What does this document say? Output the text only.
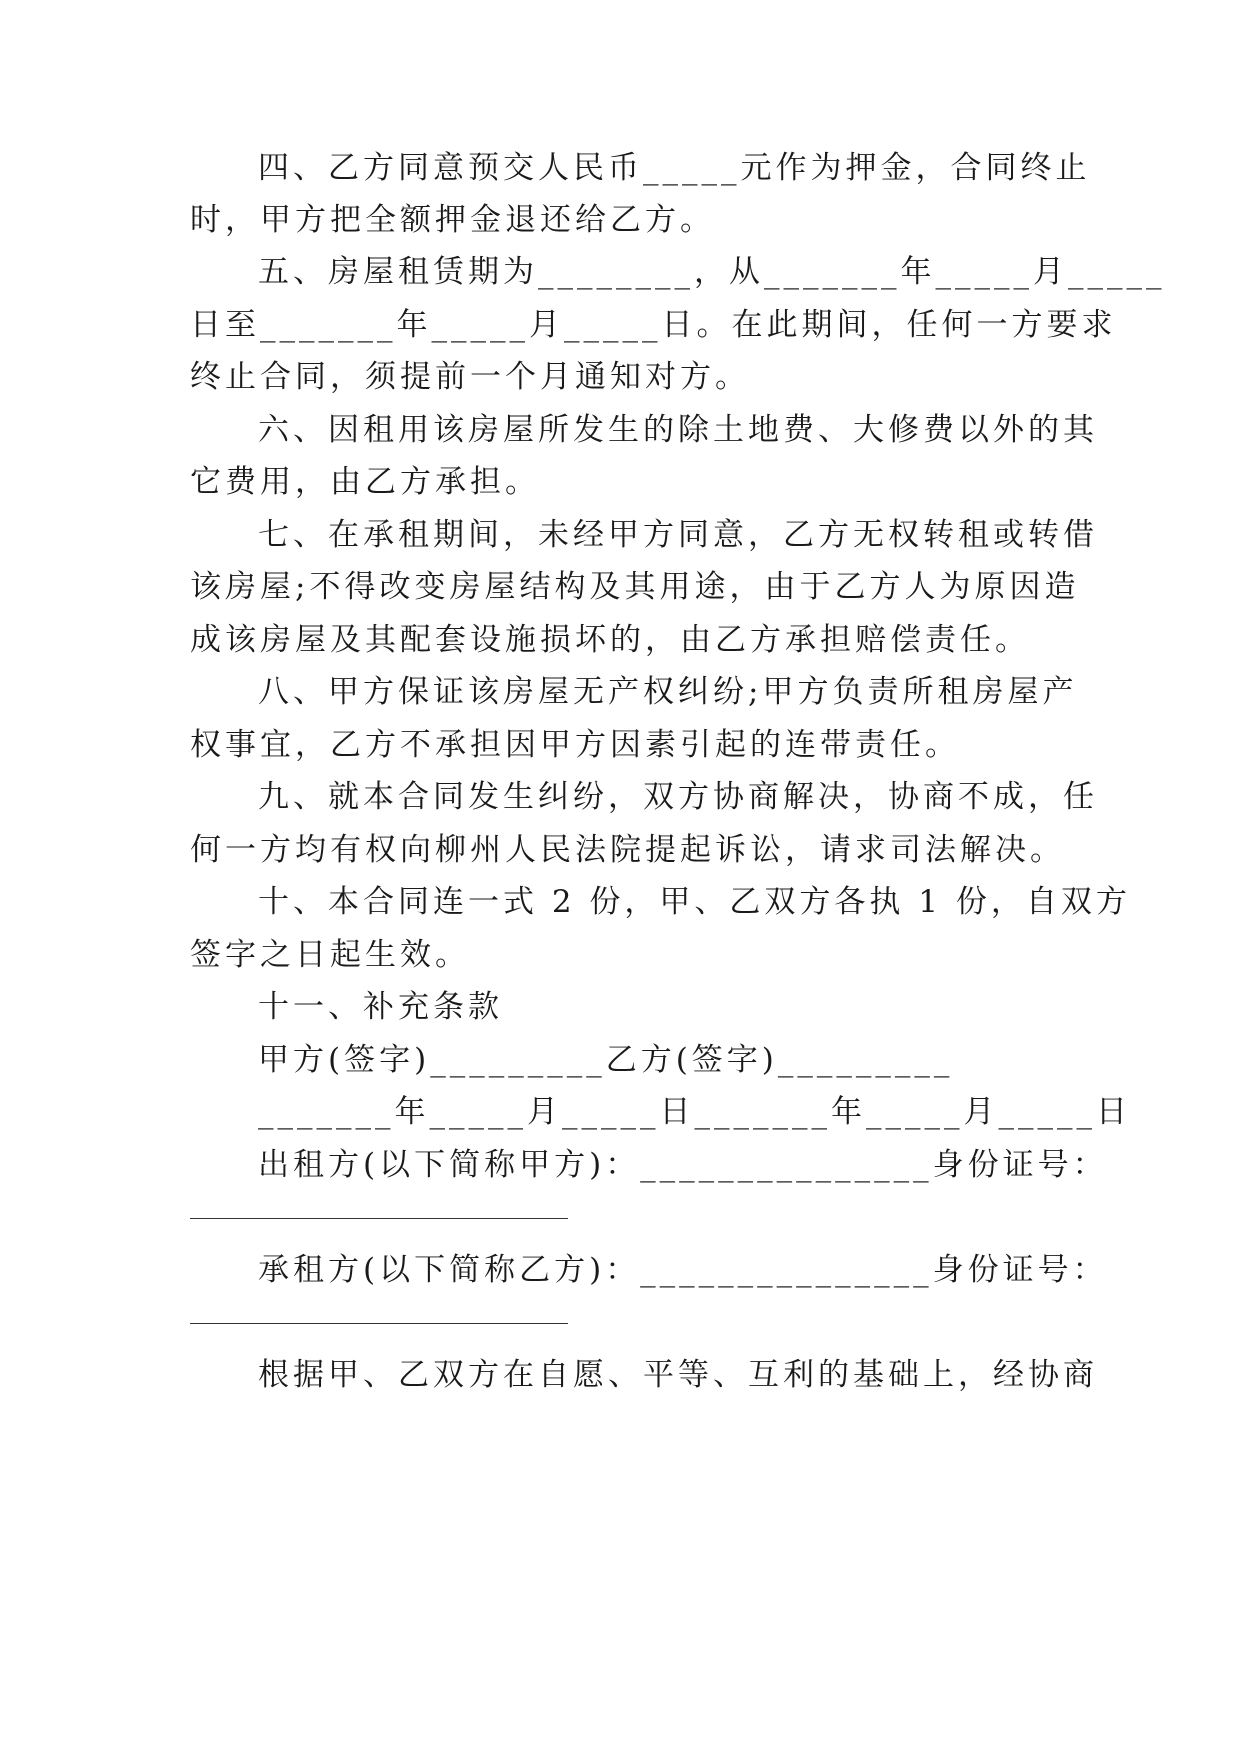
四、乙方同意预交人民币_____元作为押金，合同终止
时，甲方把全额押金退还给乙方。
五、房屋租赁期为________，从_______年_____月_____
日至_______年_____月_____日。在此期间，任何一方要求
终止合同，须提前一个月通知对方。
六、因租用该房屋所发生的除土地费、大修费以外的其
它费用，由乙方承担。
七、在承租期间，未经甲方同意，乙方无权转租或转借
该房屋;不得改变房屋结构及其用途，由于乙方人为原因造
成该房屋及其配套设施损坏的，由乙方承担赔偿责任。
八、甲方保证该房屋无产权纠纷;甲方负责所租房屋产
权事宜，乙方不承担因甲方因素引起的连带责任。
九、就本合同发生纠纷，双方协商解决，协商不成，任
何一方均有权向柳州人民法院提起诉讼，请求司法解决。
十、本合同连一式 2 份，甲、乙双方各执 1 份，自双方
签字之日起生效。
十一、补充条款
甲方(签字)_________乙方(签字)_________
_______年_____月_____日_______年_____月_____日
出租方(以下简称甲方)：_______________身份证号：
承租方(以下简称乙方)：_______________身份证号：
根据甲、乙双方在自愿、平等、互利的基础上，经协商
